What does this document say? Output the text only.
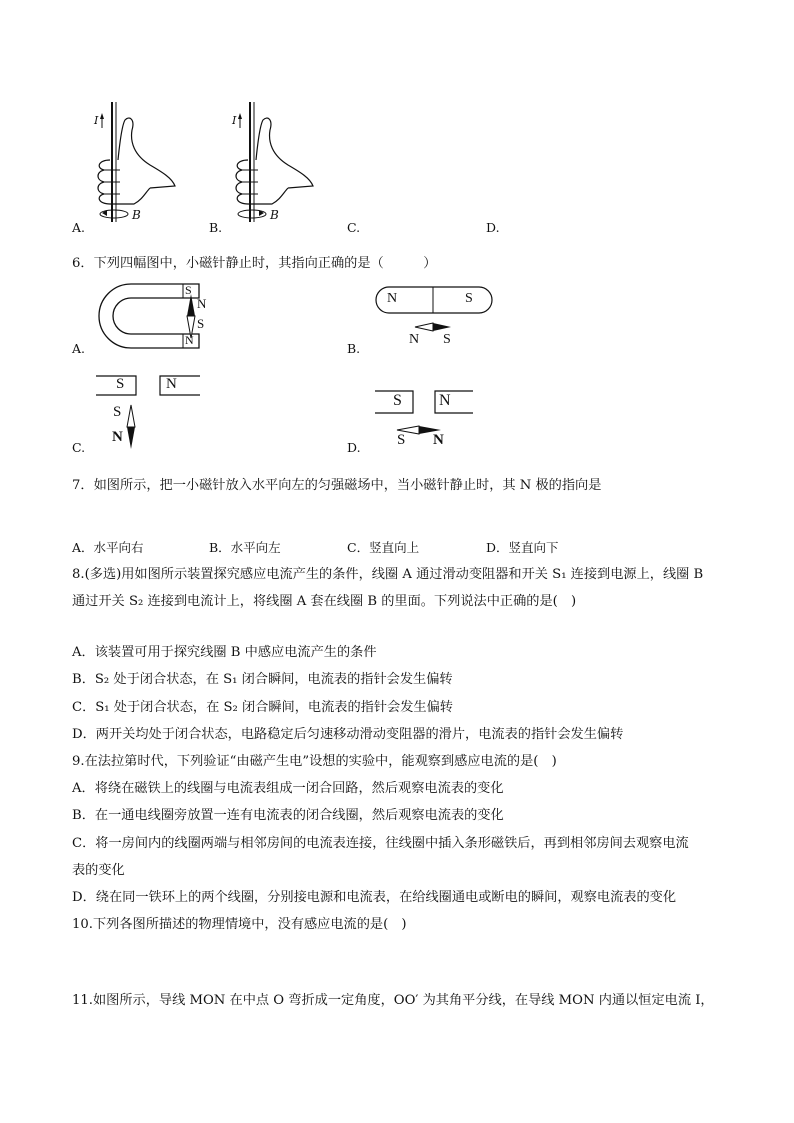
I
B
A.
I
B
B.	C.	D.
6．下列四幅图中，小磁针静止时，其指向正确的是（　　　）
S
N
N
S
A.
N	S
N S
B.
S	N
S
N
C.
S N
S N
D.
7．如图所示，把一小磁针放入水平向左的匀强磁场中，当小磁针静止时，其 N 极的指向是
A．水平向右	B．水平向左	C．竖直向上	D．竖直向下
8.(多选)用如图所示装置探究感应电流产生的条件，线圈 A 通过滑动变阻器和开关 S₁ 连接到电源上，线圈 B
通过开关 S₂ 连接到电流计上，将线圈 A 套在线圈 B 的里面。下列说法中正确的是(　)
A．该装置可用于探究线圈 B 中感应电流产生的条件
B．S₂ 处于闭合状态，在 S₁ 闭合瞬间，电流表的指针会发生偏转
C．S₁ 处于闭合状态，在 S₂ 闭合瞬间，电流表的指针会发生偏转
D．两开关均处于闭合状态，电路稳定后匀速移动滑动变阻器的滑片，电流表的指针会发生偏转
9.在法拉第时代，下列验证“由磁产生电”设想的实验中，能观察到感应电流的是(　)
A．将绕在磁铁上的线圈与电流表组成一闭合回路，然后观察电流表的变化
B．在一通电线圈旁放置一连有电流表的闭合线圈，然后观察电流表的变化
C．将一房间内的线圈两端与相邻房间的电流表连接，往线圈中插入条形磁铁后，再到相邻房间去观察电流
表的变化
D．绕在同一铁环上的两个线圈，分别接电源和电流表，在给线圈通电或断电的瞬间，观察电流表的变化
10.下列各图所描述的物理情境中，没有感应电流的是(　)
11.如图所示，导线 MON 在中点 O 弯折成一定角度，OO′ 为其角平分线，在导线 MON 内通以恒定电流 I，
